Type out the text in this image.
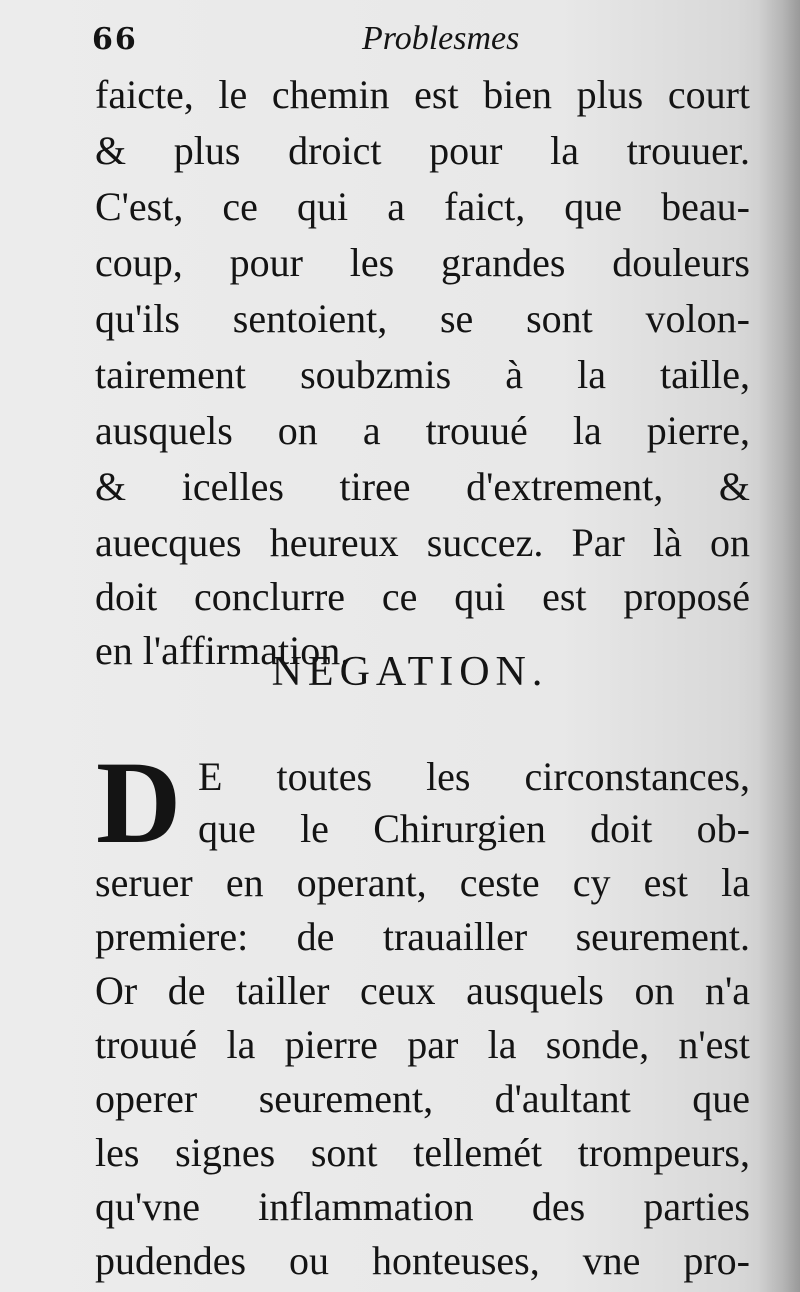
66	Problesmes
faicte, le chemin est bien plus court
& plus droict pour la trouuer.
C'est, ce qui a faict, que beau-
coup, pour les grandes douleurs
qu'ils sentoient, se sont volon-
tairement soubzmis à la taille,
ausquels on a trouué la pierre,
& icelles tiree d'extrement, &
auecques heureux succez. Par là on
doit conclurre ce qui est proposé
en l'affirmation.
NEGATION.
D E toutes les circonstances,
que le Chirurgien doit ob-
seruer en operant, ceste cy est la
premiere: de trauailler seurement.
Or de tailler ceux ausquels on n'a
trouué la pierre par la sonde, n'est
operer seurement, d'aultant que
les signes sont tellemét trompeurs,
qu'vne inflammation des parties
pudendes ou honteuses, vne pro-
